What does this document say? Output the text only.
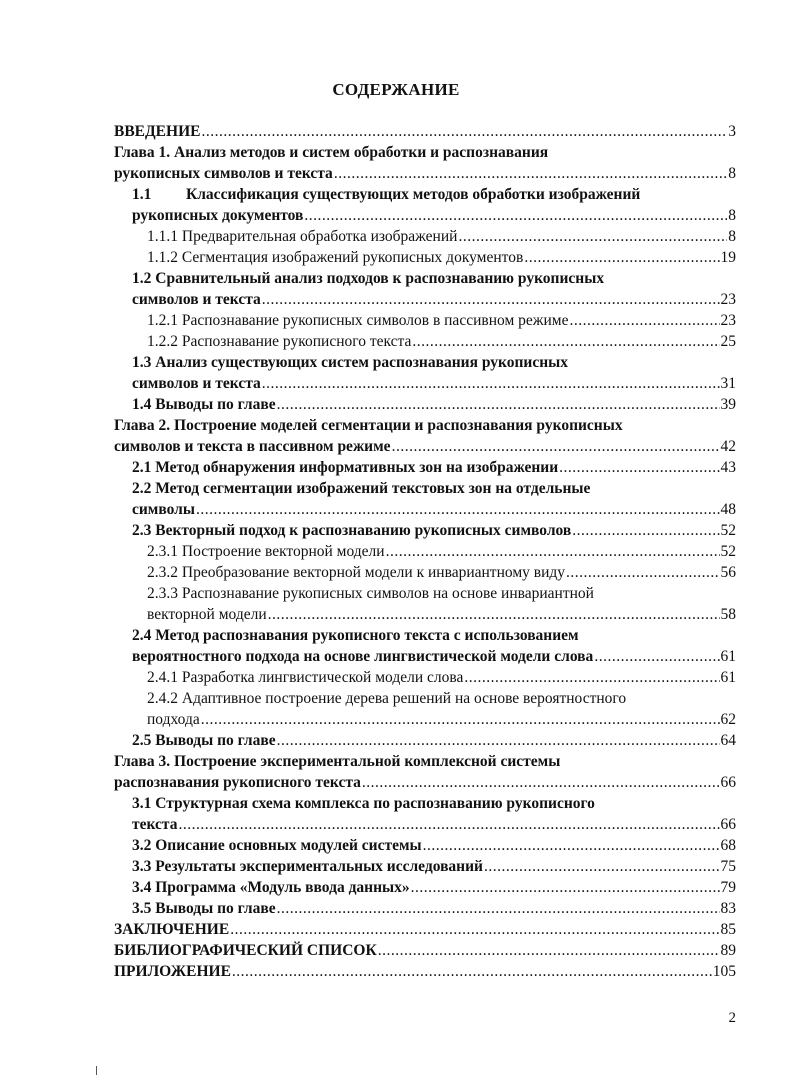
СОДЕРЖАНИЕ
ВВЕДЕНИЕ .....	3
Глава 1. Анализ методов и систем обработки и распознавания
рукописных символов и текста .....	8
1.1 Классификация существующих методов обработки изображений
рукописных документов .....	8
1.1.1 Предварительная обработка изображений .....	8
1.1.2 Сегментация изображений рукописных документов .....	19
1.2 Сравнительный анализ подходов к распознаванию рукописных
символов и текста .....	23
1.2.1 Распознавание рукописных символов в пассивном режиме .....	23
1.2.2 Распознавание рукописного текста .....	25
1.3 Анализ существующих систем распознавания рукописных
символов и текста .....	31
1.4 Выводы по главе .....	39
Глава 2. Построение моделей сегментации и распознавания рукописных
символов и текста в пассивном режиме .....	42
2.1 Метод обнаружения информативных зон на изображении .....	43
2.2 Метод сегментации изображений текстовых зон на отдельные
символы .....	48
2.3 Векторный подход к распознаванию рукописных символов .....	52
2.3.1 Построение векторной модели .....	52
2.3.2 Преобразование векторной модели к инвариантному виду .....	56
2.3.3 Распознавание рукописных символов на основе инвариантной
векторной модели .....	58
2.4 Метод распознавания рукописного текста с использованием
вероятностного подхода на основе лингвистической модели слова .....	61
2.4.1 Разработка лингвистической модели слова .....	61
2.4.2 Адаптивное построение дерева решений на основе вероятностного
подхода .....	62
2.5 Выводы по главе .....	64
Глава 3. Построение экспериментальной комплексной системы
распознавания рукописного текста .....	66
3.1 Структурная схема комплекса по распознаванию рукописного
текста .....	66
3.2 Описание основных модулей системы .....	68
3.3 Результаты экспериментальных исследований .....	75
3.4 Программа «Модуль ввода данных» .....	79
3.5 Выводы по главе .....	83
ЗАКЛЮЧЕНИЕ .....	85
БИБЛИОГРАФИЧЕСКИЙ СПИСОК .....	89
ПРИЛОЖЕНИЕ .....	105
2
